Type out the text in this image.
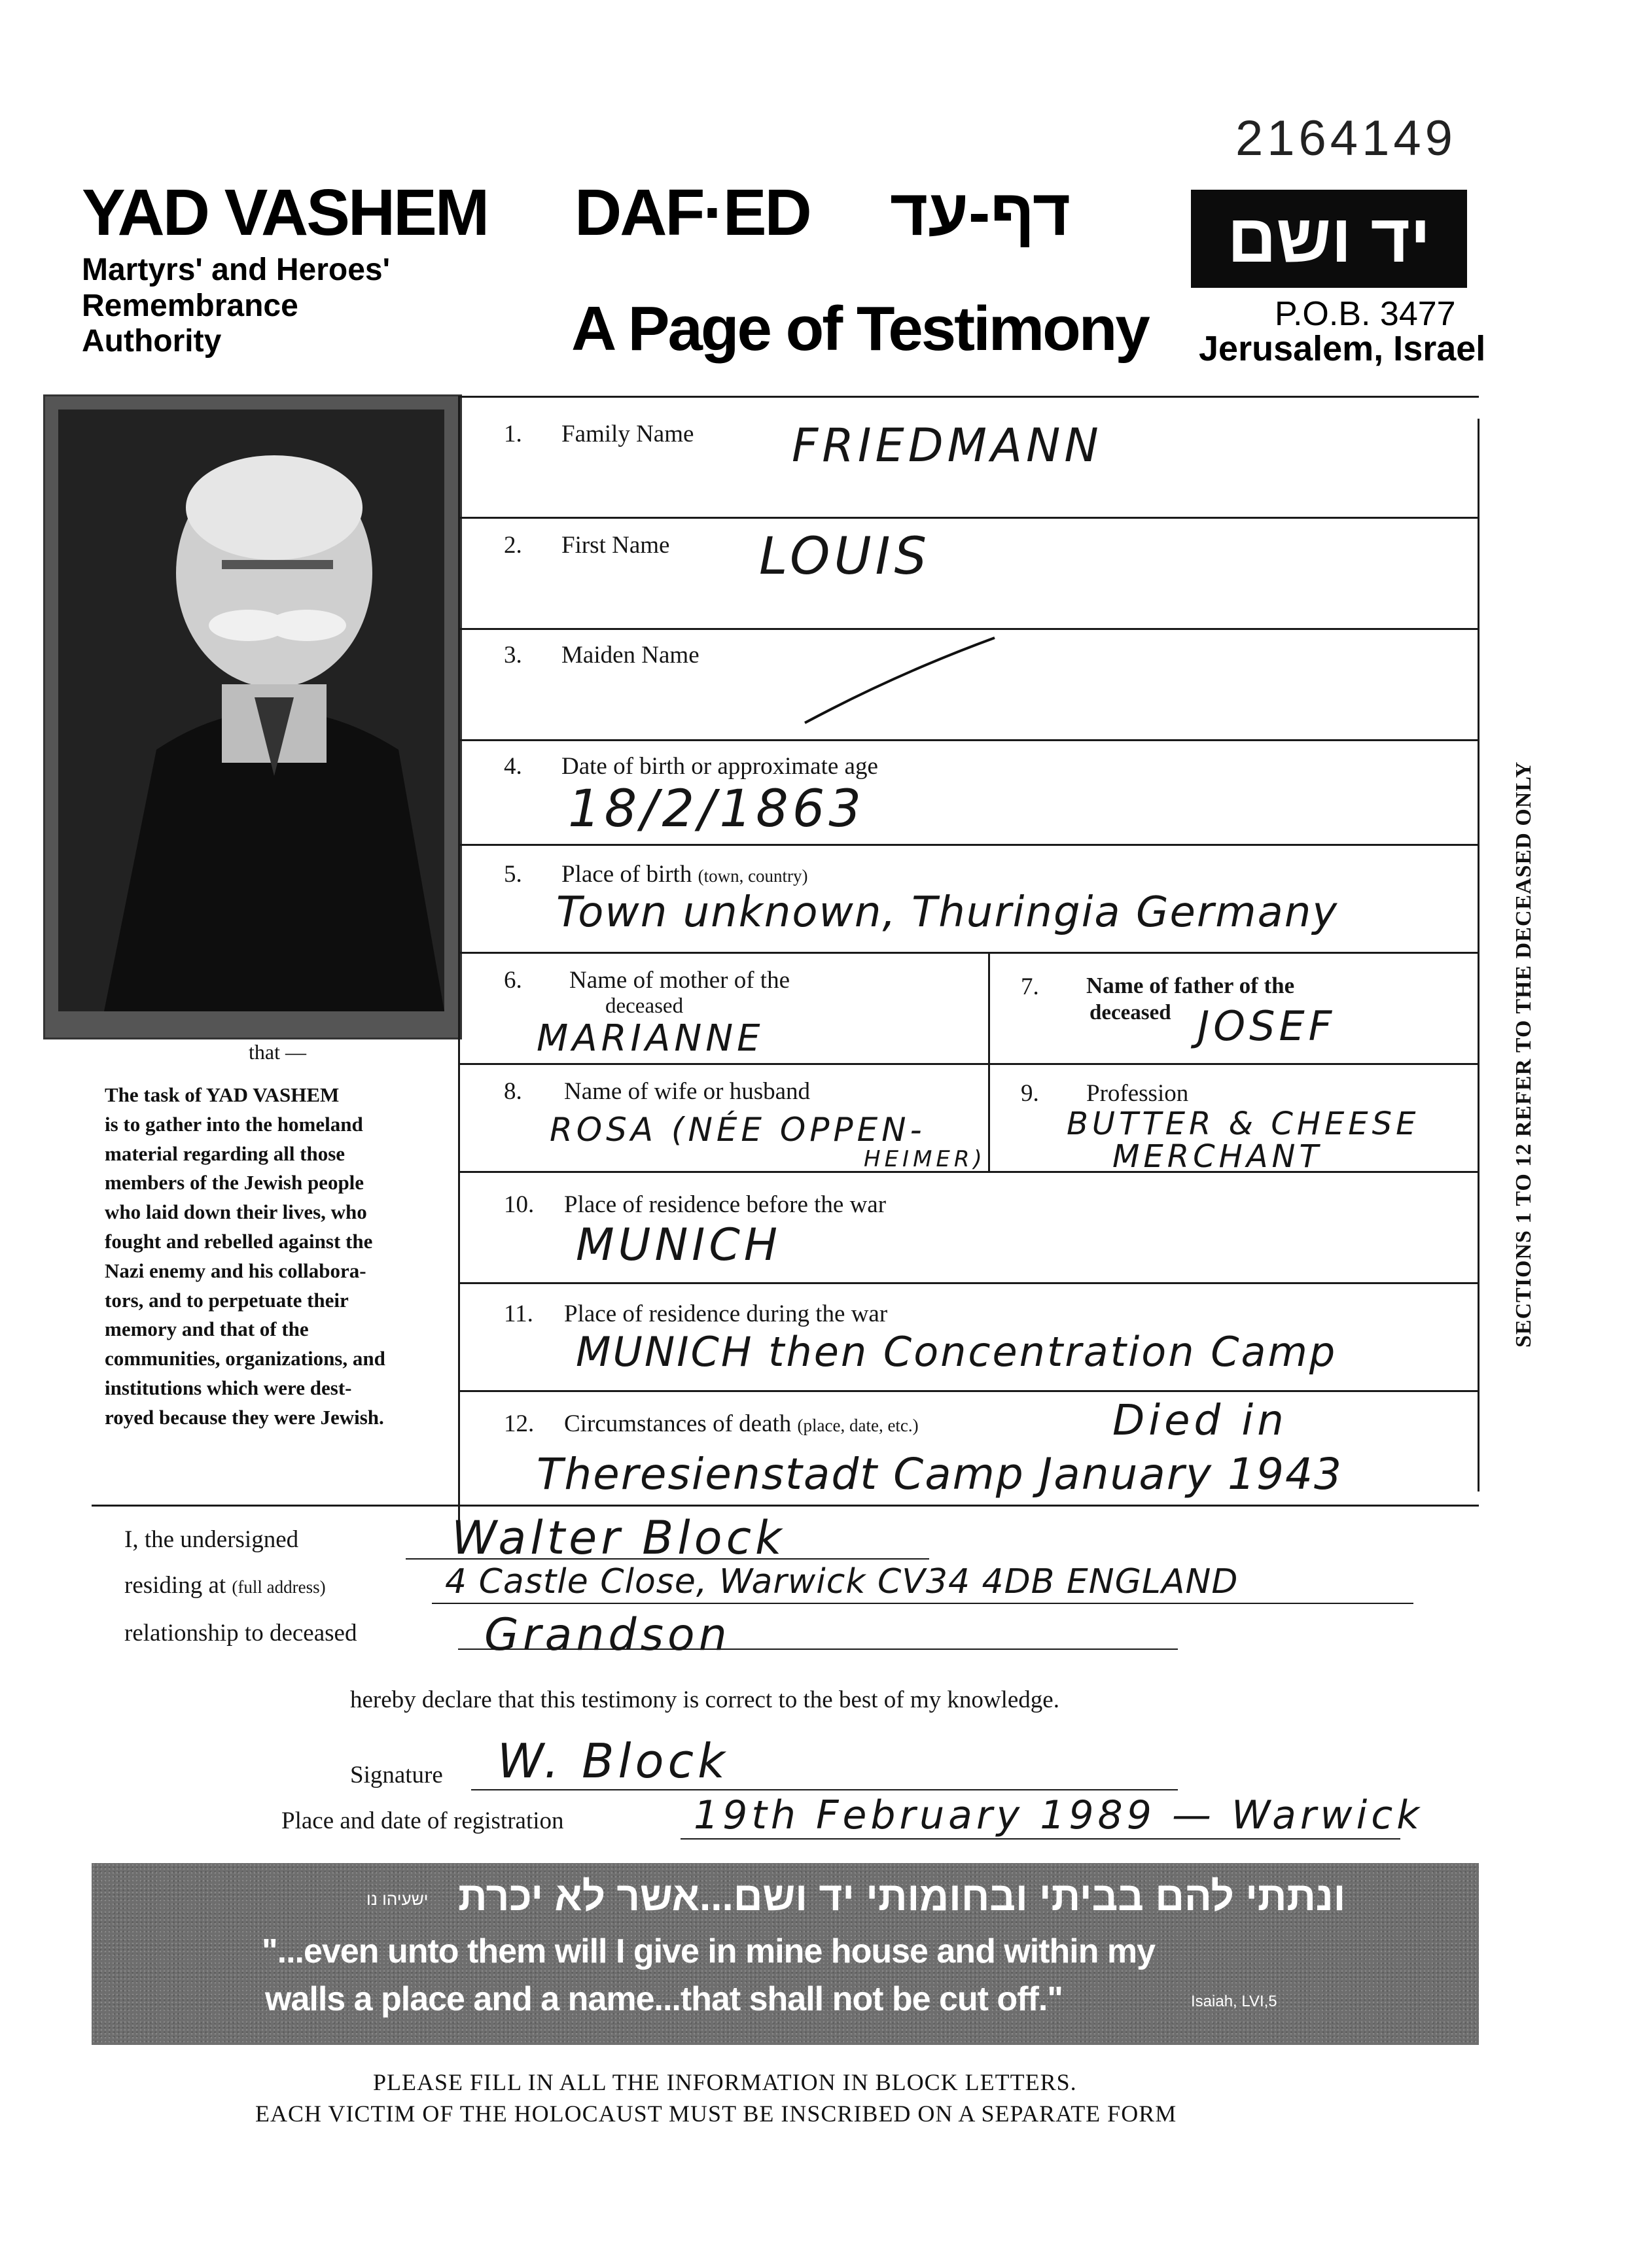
2164149
YAD VASHEM
Martyrs' and Heroes'
Remembrance
Authority
DAF·ED דף-עד
A Page of Testimony
יד ושם
P.O.B. 3477
Jerusalem, Israel
that —
The task of YAD VASHEM
is to gather into the homeland
material regarding all those
members of the Jewish people
who laid down their lives, who
fought and rebelled against the
Nazi enemy and his collabora-
tors, and to perpetuate their
memory and that of the
communities, organizations, and
institutions which were dest-
royed because they were Jewish.
1. Family Name FRIEDMANN
2. First Name LOUIS
3. Maiden Name
4. Date of birth or approximate age
18/2/1863
5. Place of birth (town, country)
Town unknown, Thuringia Germany
6. Name of mother of the
deceased
MARIANNE
7. Name of father of the
deceased JOSEF
8. Name of wife or husband
ROSA (NÉE OPPEN-
HEIMER)
9. Profession
BUTTER & CHEESE
MERCHANT
10. Place of residence before the war
MUNICH
11. Place of residence during the war
MUNICH then Concentration Camp
12. Circumstances of death (place, date, etc.)	Died in
Theresienstadt Camp January 1943
SECTIONS 1 TO 12 REFER TO THE DECEASED ONLY
I, the undersigned	Walter Block
residing at (full address)	4 Castle Close, Warwick CV34 4DB ENGLAND
relationship to deceased	Grandson
hereby declare that this testimony is correct to the best of my knowledge.
Signature W. Block
Place and date of registration	19th February 1989 — Warwick
ישעיהו נו ונתתי להם בביתי ובחומותי יד ושם...אשר לא יכרת
"...even unto them will I give in mine house and within my
walls a place and a name...that shall not be cut off."	Isaiah, LVI,5
PLEASE FILL IN ALL THE INFORMATION IN BLOCK LETTERS.
EACH VICTIM OF THE HOLOCAUST MUST BE INSCRIBED ON A SEPARATE FORM
